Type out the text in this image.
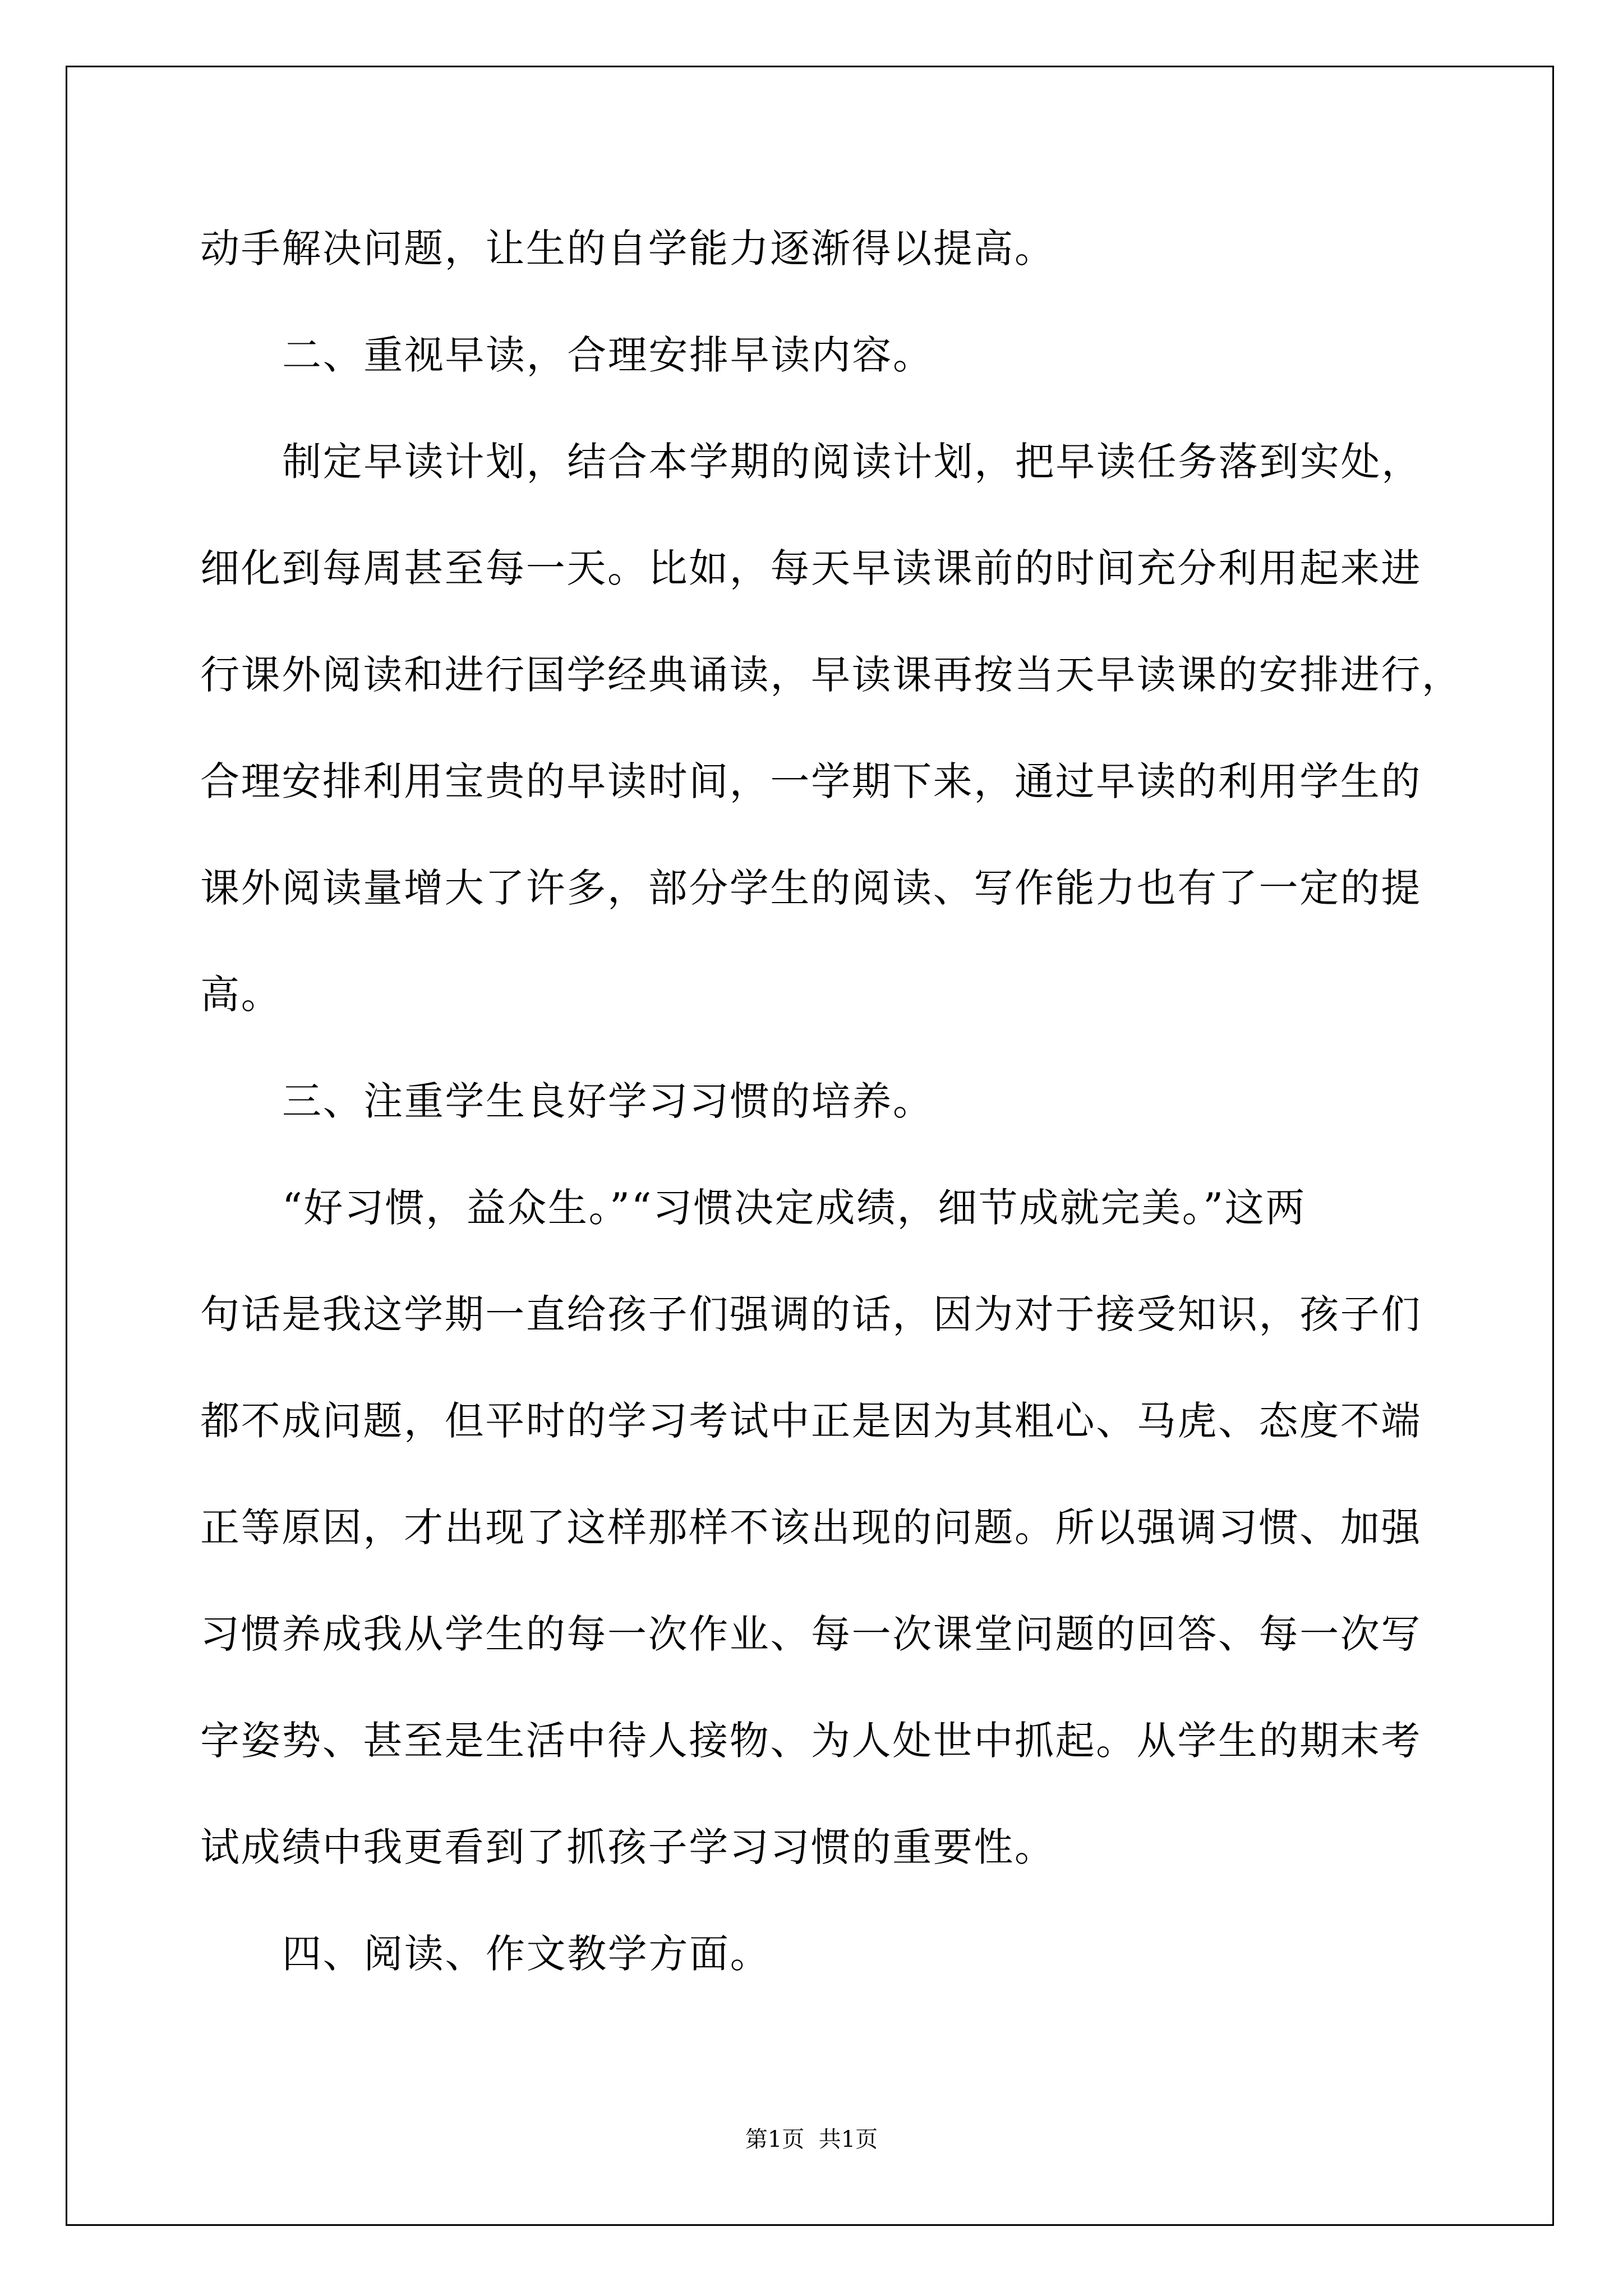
动手解决问题，让生的自学能力逐渐得以提高。
二、重视早读，合理安排早读内容。
制定早读计划，结合本学期的阅读计划，把早读任务落到实处，
细化到每周甚至每一天。比如，每天早读课前的时间充分利用起来进
行课外阅读和进行国学经典诵读，早读课再按当天早读课的安排进行，
合理安排利用宝贵的早读时间，一学期下来，通过早读的利用学生的
课外阅读量增大了许多，部分学生的阅读、写作能力也有了一定的提
高。
三、注重学生良好学习习惯的培养。
“好习惯，益众生。”“习惯决定成绩，细节成就完美。”这两
句话是我这学期一直给孩子们强调的话，因为对于接受知识，孩子们
都不成问题，但平时的学习考试中正是因为其粗心、马虎、态度不端
正等原因，才出现了这样那样不该出现的问题。所以强调习惯、加强
习惯养成我从学生的每一次作业、每一次课堂问题的回答、每一次写
字姿势、甚至是生活中待人接物、为人处世中抓起。从学生的期末考
试成绩中我更看到了抓孩子学习习惯的重要性。
四、阅读、作文教学方面。
第1页  共1页
